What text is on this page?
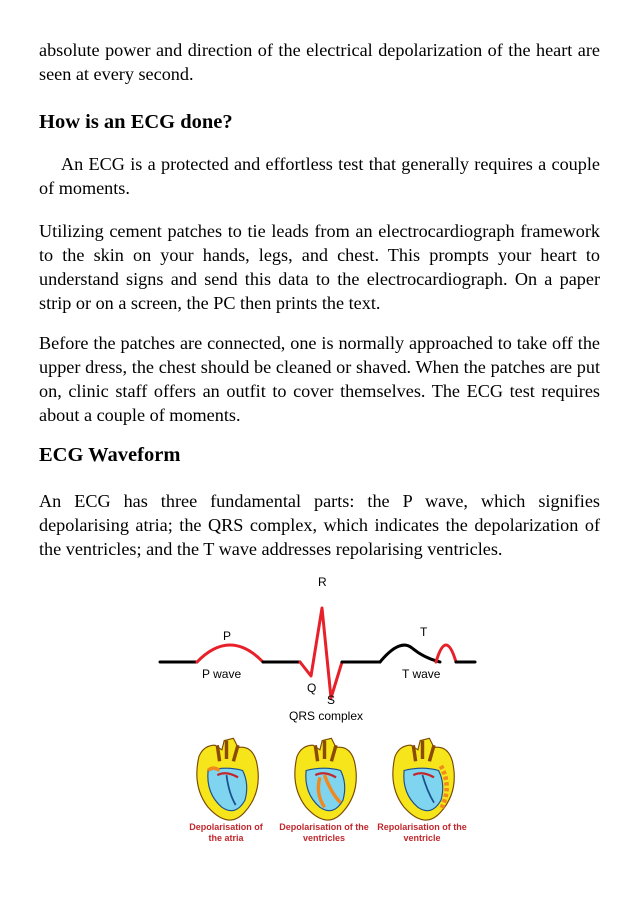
absolute power and direction of the electrical depolarization of the heart are seen at every second.

How is an ECG done?

An ECG is a protected and effortless test that generally requires a couple of moments.

Utilizing cement patches to tie leads from an electrocardiograph framework to the skin on your hands, legs, and chest. This prompts your heart to understand signs and send this data to the electrocardiograph. On a paper strip or on a screen, the PC then prints the text.

Before the patches are connected, one is normally approached to take off the upper dress, the chest should be cleaned or shaved. When the patches are put on, clinic staff offers an outfit to cover themselves. The ECG test requires about a couple of moments.

ECG Waveform

An ECG has three fundamental parts: the P wave, which signifies depolarising atria; the QRS complex, which indicates the depolarization of the ventricles; and the T wave addresses repolarising ventricles.

R
P	T
Q
S
P wave	T wave
QRS complex
Depolarisation of
the atria
Depolarisation of the
ventricles
Repolarisation of the
ventricle
